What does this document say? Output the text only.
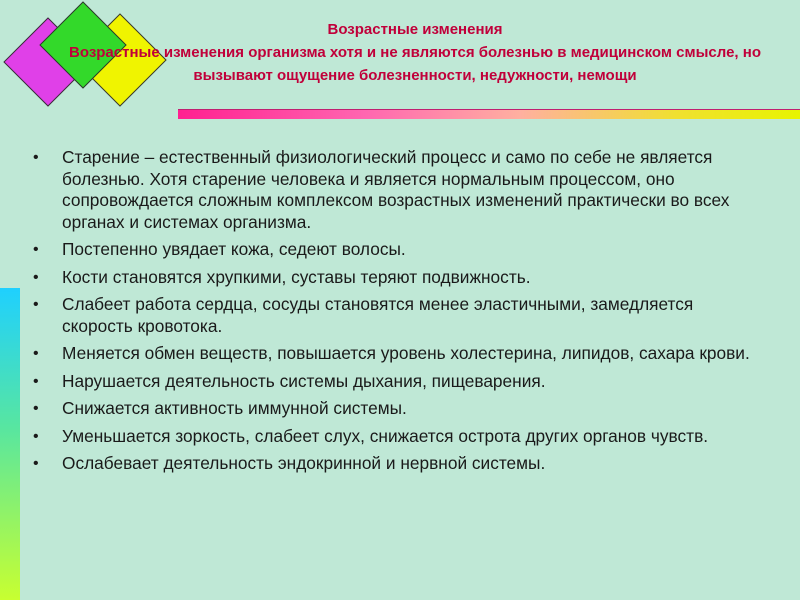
Возрастные изменения
Возрастные изменения организма хотя и не являются болезнью в медицинском смысле, но вызывают ощущение болезненности, недужности, немощи
• Старение – естественный физиологический процесс и само по себе не является болезнью. Хотя старение человека и является нормальным процессом, оно сопровождается сложным комплексом возрастных изменений практически во всех органах и системах организма.
• Постепенно увядает кожа, седеют волосы.
• Кости становятся хрупкими, суставы теряют подвижность.
• Слабеет работа сердца, сосуды становятся менее эластичными, замедляется скорость кровотока.
• Меняется обмен веществ, повышается уровень холестерина, липидов, сахара крови.
• Нарушается деятельность системы дыхания, пищеварения.
• Снижается активность иммунной системы.
• Уменьшается зоркость, слабеет слух, снижается острота других органов чувств.
• Ослабевает деятельность эндокринной и нервной системы.
